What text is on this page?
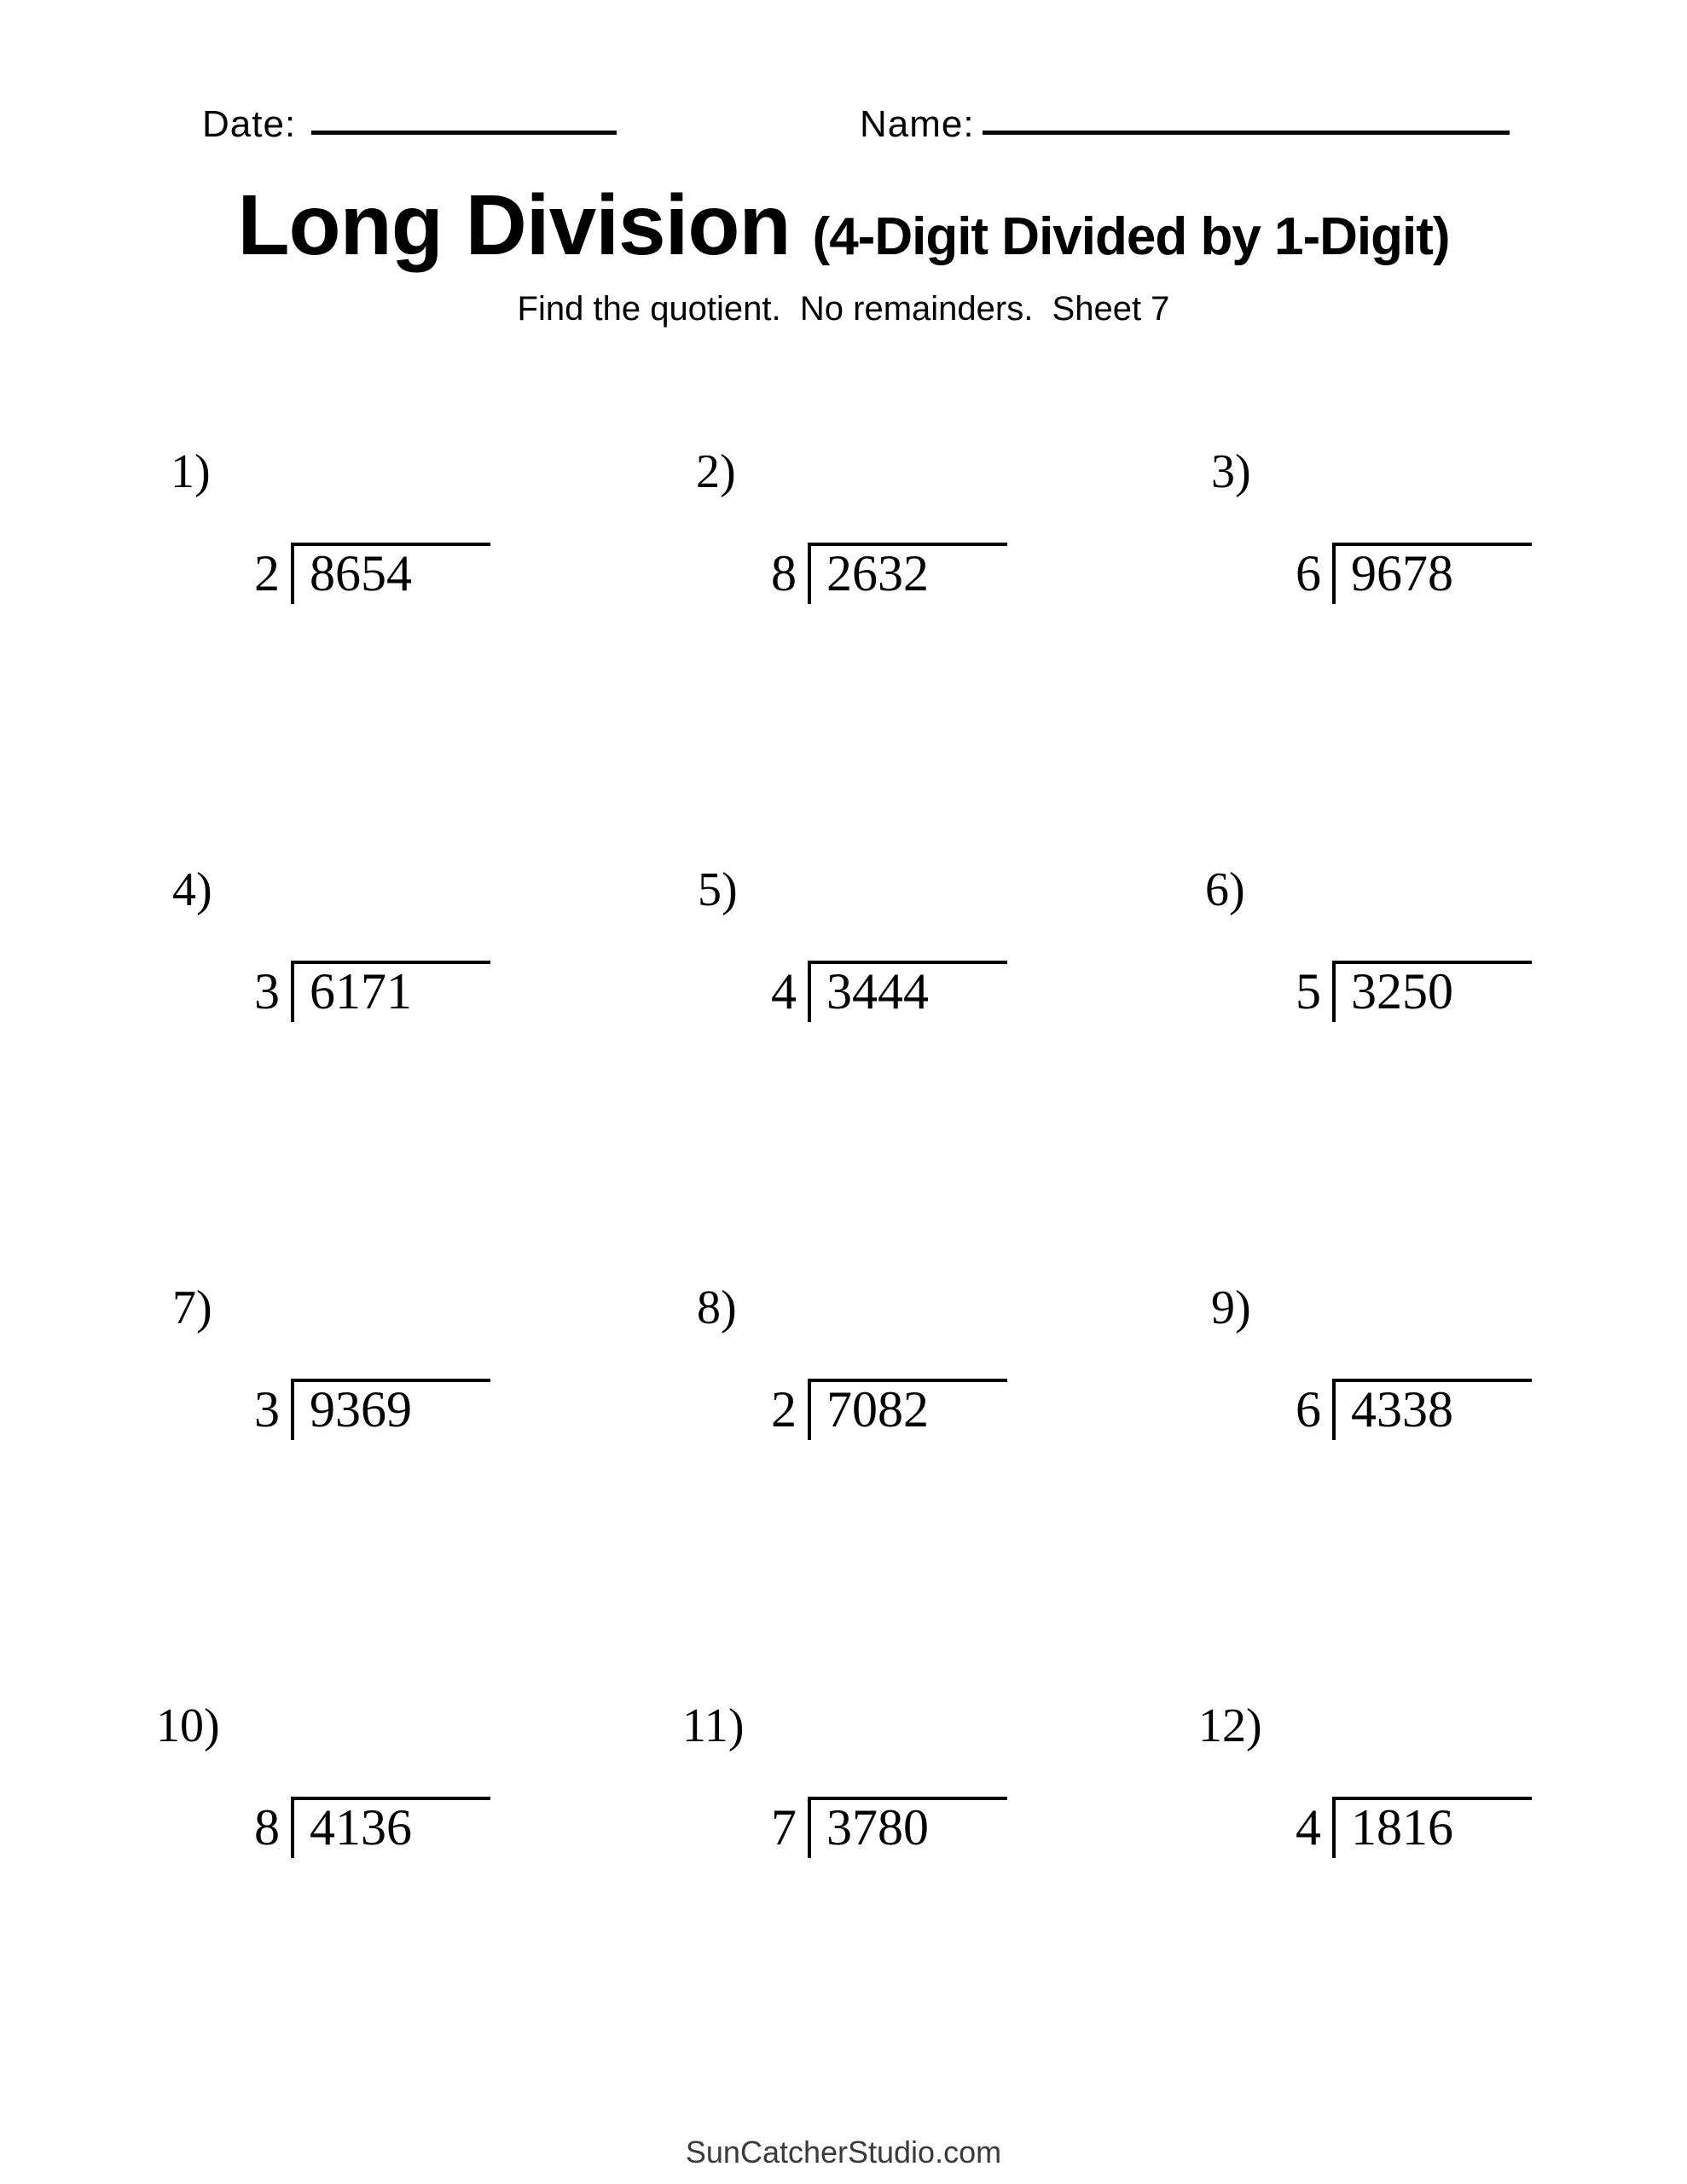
Date:	Name:
Long Division (4-Digit Divided by 1-Digit)
Find the quotient.  No remainders.  Sheet 7
1)	2)	3)
4)	5)	6)
7)	8)	9)
10)	11)	12)
2 8654	8 2632	6 9678
3 6171	4 3444	5 3250
3 9369	2 7082	6 4338
8 4136	7 3780	4 1816
SunCatcherStudio.com
